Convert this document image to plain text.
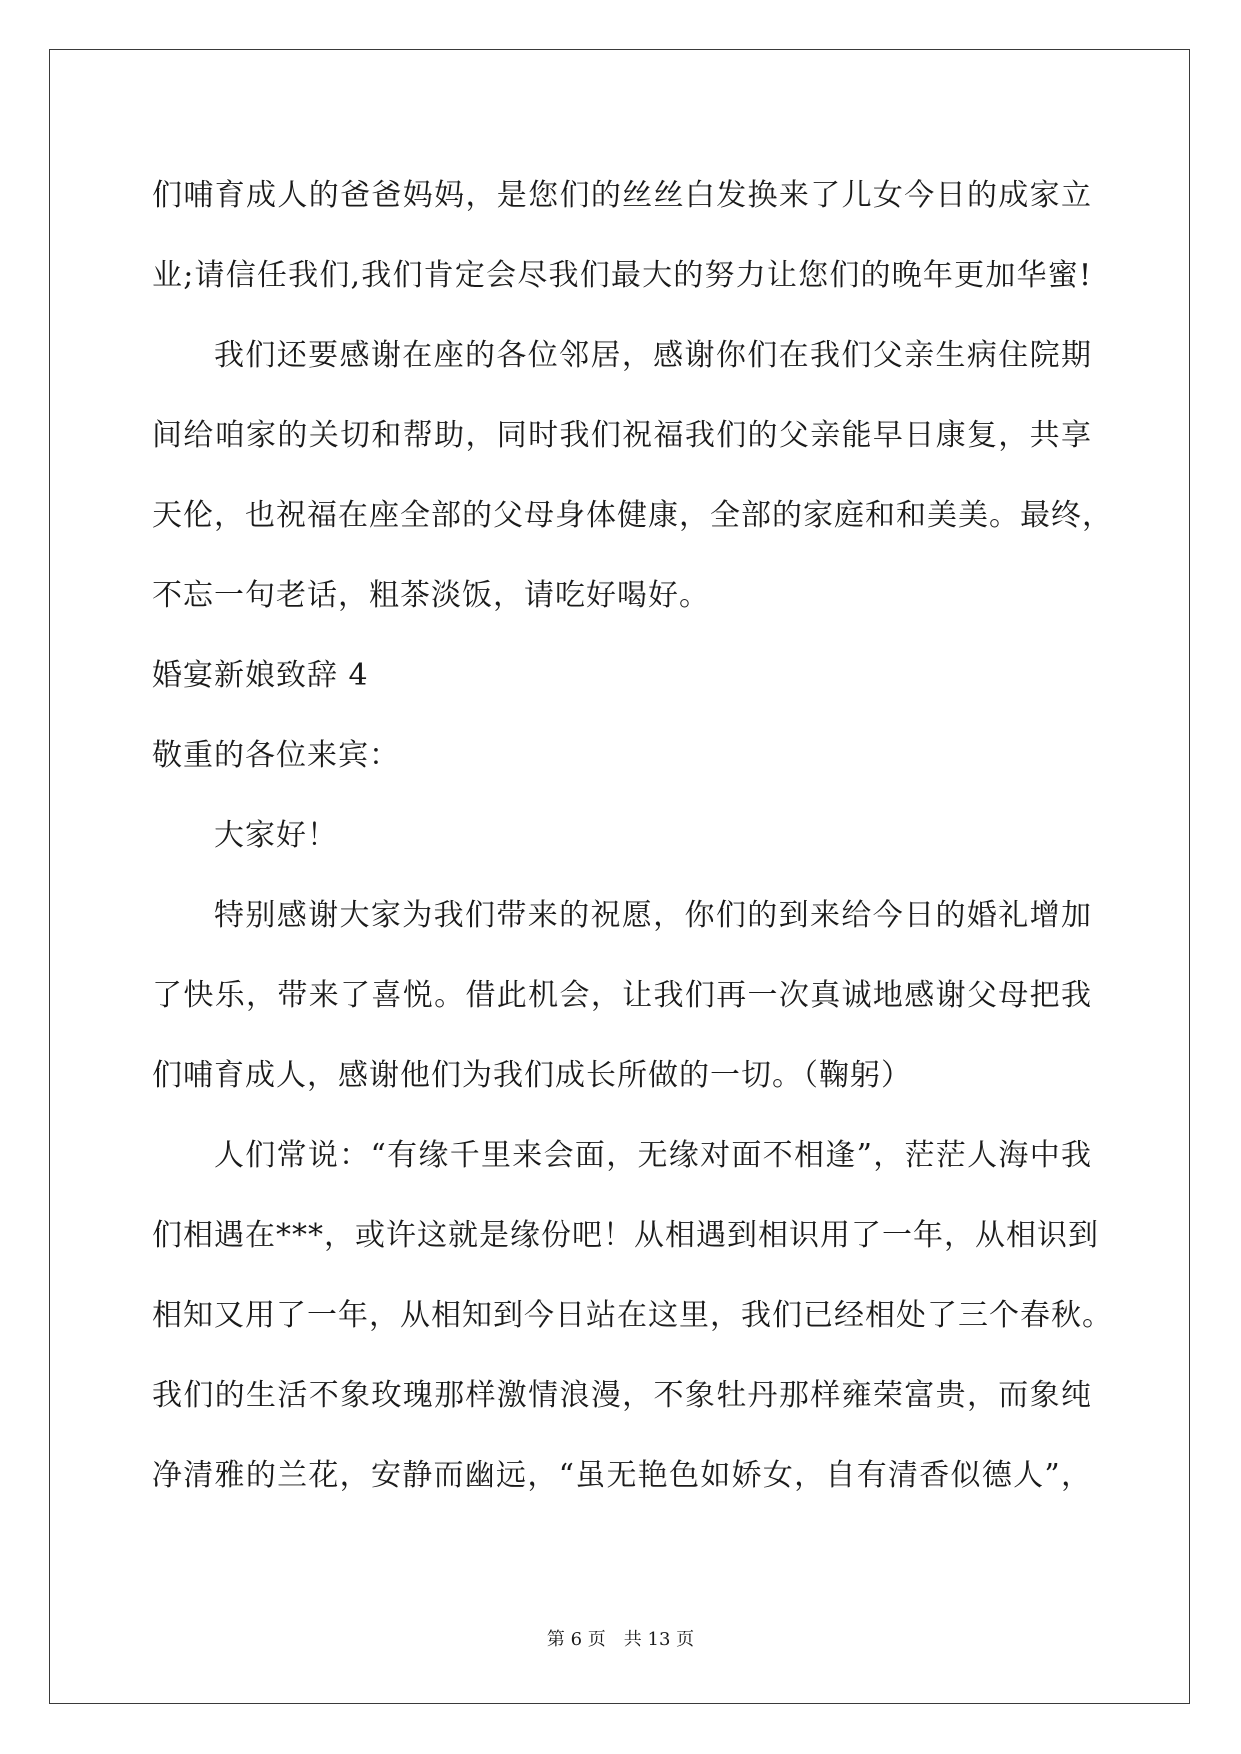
们哺育成人的爸爸妈妈，是您们的丝丝白发换来了儿女今日的成家立
业;请信任我们,我们肯定会尽我们最大的努力让您们的晚年更加华蜜!
我们还要感谢在座的各位邻居，感谢你们在我们父亲生病住院期
间给咱家的关切和帮助，同时我们祝福我们的父亲能早日康复，共享
天伦，也祝福在座全部的父母身体健康，全部的家庭和和美美。最终，
不忘一句老话，粗茶淡饭，请吃好喝好。
婚宴新娘致辞 4
敬重的各位来宾：
大家好！
特别感谢大家为我们带来的祝愿，你们的到来给今日的婚礼增加
了快乐，带来了喜悦。借此机会，让我们再一次真诚地感谢父母把我
们哺育成人，感谢他们为我们成长所做的一切。（鞠躬）
人们常说：“有缘千里来会面，无缘对面不相逢”，茫茫人海中我
们相遇在***，或许这就是缘份吧！从相遇到相识用了一年，从相识到
相知又用了一年，从相知到今日站在这里，我们已经相处了三个春秋。
我们的生活不象玫瑰那样激情浪漫，不象牡丹那样雍荣富贵，而象纯
净清雅的兰花，安静而幽远，“虽无艳色如娇女，自有清香似德人”，
第 6 页　共 13 页
